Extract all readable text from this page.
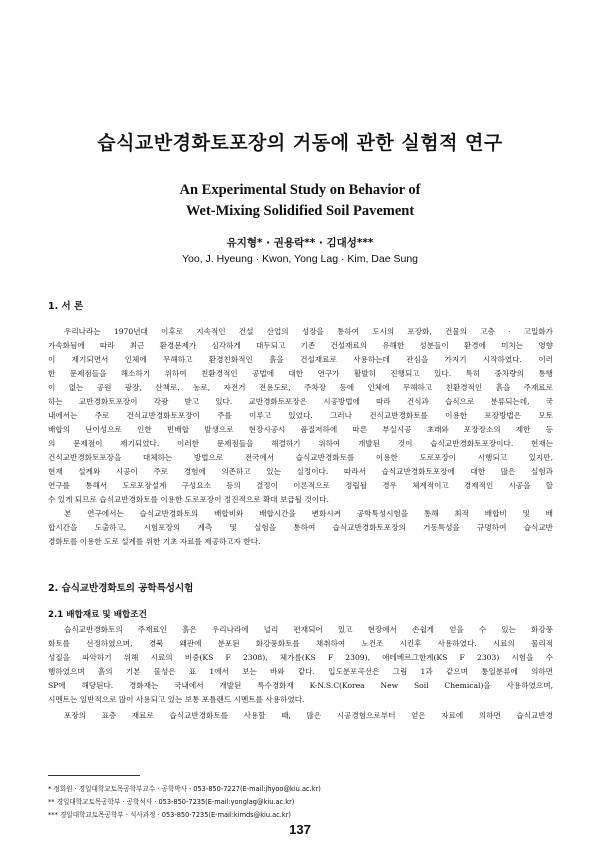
습식교반경화토포장의 거동에 관한 실험적 연구
An Experimental Study on Behavior of
Wet-Mixing Solidified Soil Pavement
유지형* · 권용락** · 김대성***
Yoo, J. Hyeung · Kwon, Yong Lag · Kim, Dae Sung
1. 서 론
우리나라는 1970년대 이후로 지속적인 건설 산업의 성장을 통하여 도시의 포장화, 건물의 고층 · 고밀화가
가속화됨에 따라 최근 환경문제가 심각하게 대두되고 기존 건설재료의 유해한 성분들이 환경에 미치는 영향
이 제기되면서 인체에 무해하고 환경친화적인 흙을 건설재료로 사용하는데 관심을 가지기 시작하였다. 이러
한 문제점들을 해소하기 위하여 친환경적인 공법에 대한 연구가 활발히 진행되고 있다. 특히 중차량의 통행
이 없는 공원 광장, 산책로, 농로, 자전거 전용도로, 주차장 등에 인체에 무해하고 친환경적인 흙을 주재료로
하는 교반경화토포장이 각광 받고 있다. 교반경화토포장은 시공방법에 따라 건식과 습식으로 분류되는데, 국
내에서는 주로 건식교반경화토포장이 주를 이루고 있었다. 그러나 건식교반경화토를 이용한 포장방법은 모토
배합의 난이성으로 인한 빈배합 발생으로 현장시공시 품질저하에 따른 부실시공 초래와 포장장소의 제한 등
의 문제점이 제기되었다. 이러한 문제점들을 해결하기 위하여 개발된 것이 습식교반경화토포장이다. 현재는
건식교반경화토포장을 대체하는 방법으로 전국에서 습식교반경화토를 이용한 도로포장이 시행되고 있지만,
현재 설계와 시공이 주로 경험에 의존하고 있는 실정이다. 따라서 습식교반경화토포장에 대한 많은 실험과
연구를 통해서 도로포장설계 구성요소 등의 결정이 이론적으로 정립될 경우 체계적이고 경제적인 시공을 할
수 있게 되므로 습식교반경화토를 이용한 도로포장이 정진적으로 확대 보급될 것이다.
본 연구에서는 습식교반경화토의 배합비와 배합시간을 변화시켜 공학특성시험을 통해 최적 배합비 및 배
합시간을 도출하고, 시험포장의 계측 및 실험을 통하여 습식교반경화토포장의 거동특성을 규명하여 습식교반
경화토를 이용한 도로 설계를 위한 기초 자료를 제공하고자 한다.
2. 습식교반경화토의 공학특성시험
2.1 배합재료 및 배합조건
습식교반경화토의 주재료인 흙은 우리나라에 널리 편재되어 있고 현장에서 손쉽게 얻을 수 있는 화강풍
화토를 선정하였으며, 경북 왜관에 분포된 화강풍화토를 채취하여 노건조 시킨후 사용하였다. 시료의 물리적
성질을 파악하기 위해 시료의 비중(KS F 2308), 체가름(KS F 2309), 애테베르그한계(KS F 2303) 시험을 수
행하였으며 흙의 기본 물성은 표 1에서 보는 바와 같다. 입도분포곡선은 그림 1과 같으며 통일분류에 의하면
SP에 해당된다. 경화재는 국내에서 개발된 특수경화재 K-N.S.C(Korea New Soil Chemical)을 사용하였으며,
시멘트는 일반적으로 많이 사용되고 있는 보통 포틀랜드 시멘트를 사용하였다.
포장의 표층 재료로 습식교반경화토를 사용할 때, 많은 시공경험으로부터 얻은 자료에 의하면 습식교반경
* 정회원 · 경일대학교토목공학부교수 · 공학박사 · 053-850-7227(E-mail:jhyoo@kiu.ac.kr)
** 경일대학교토목공학부 · 공학석사 · 053-850-7235(E-mail:yonglag@kiu.ac.kr)
*** 경일대학교토목공학부 · 석사과정 · 053-850-7235(E-mail:kimds@kiu.ac.kr)
137
